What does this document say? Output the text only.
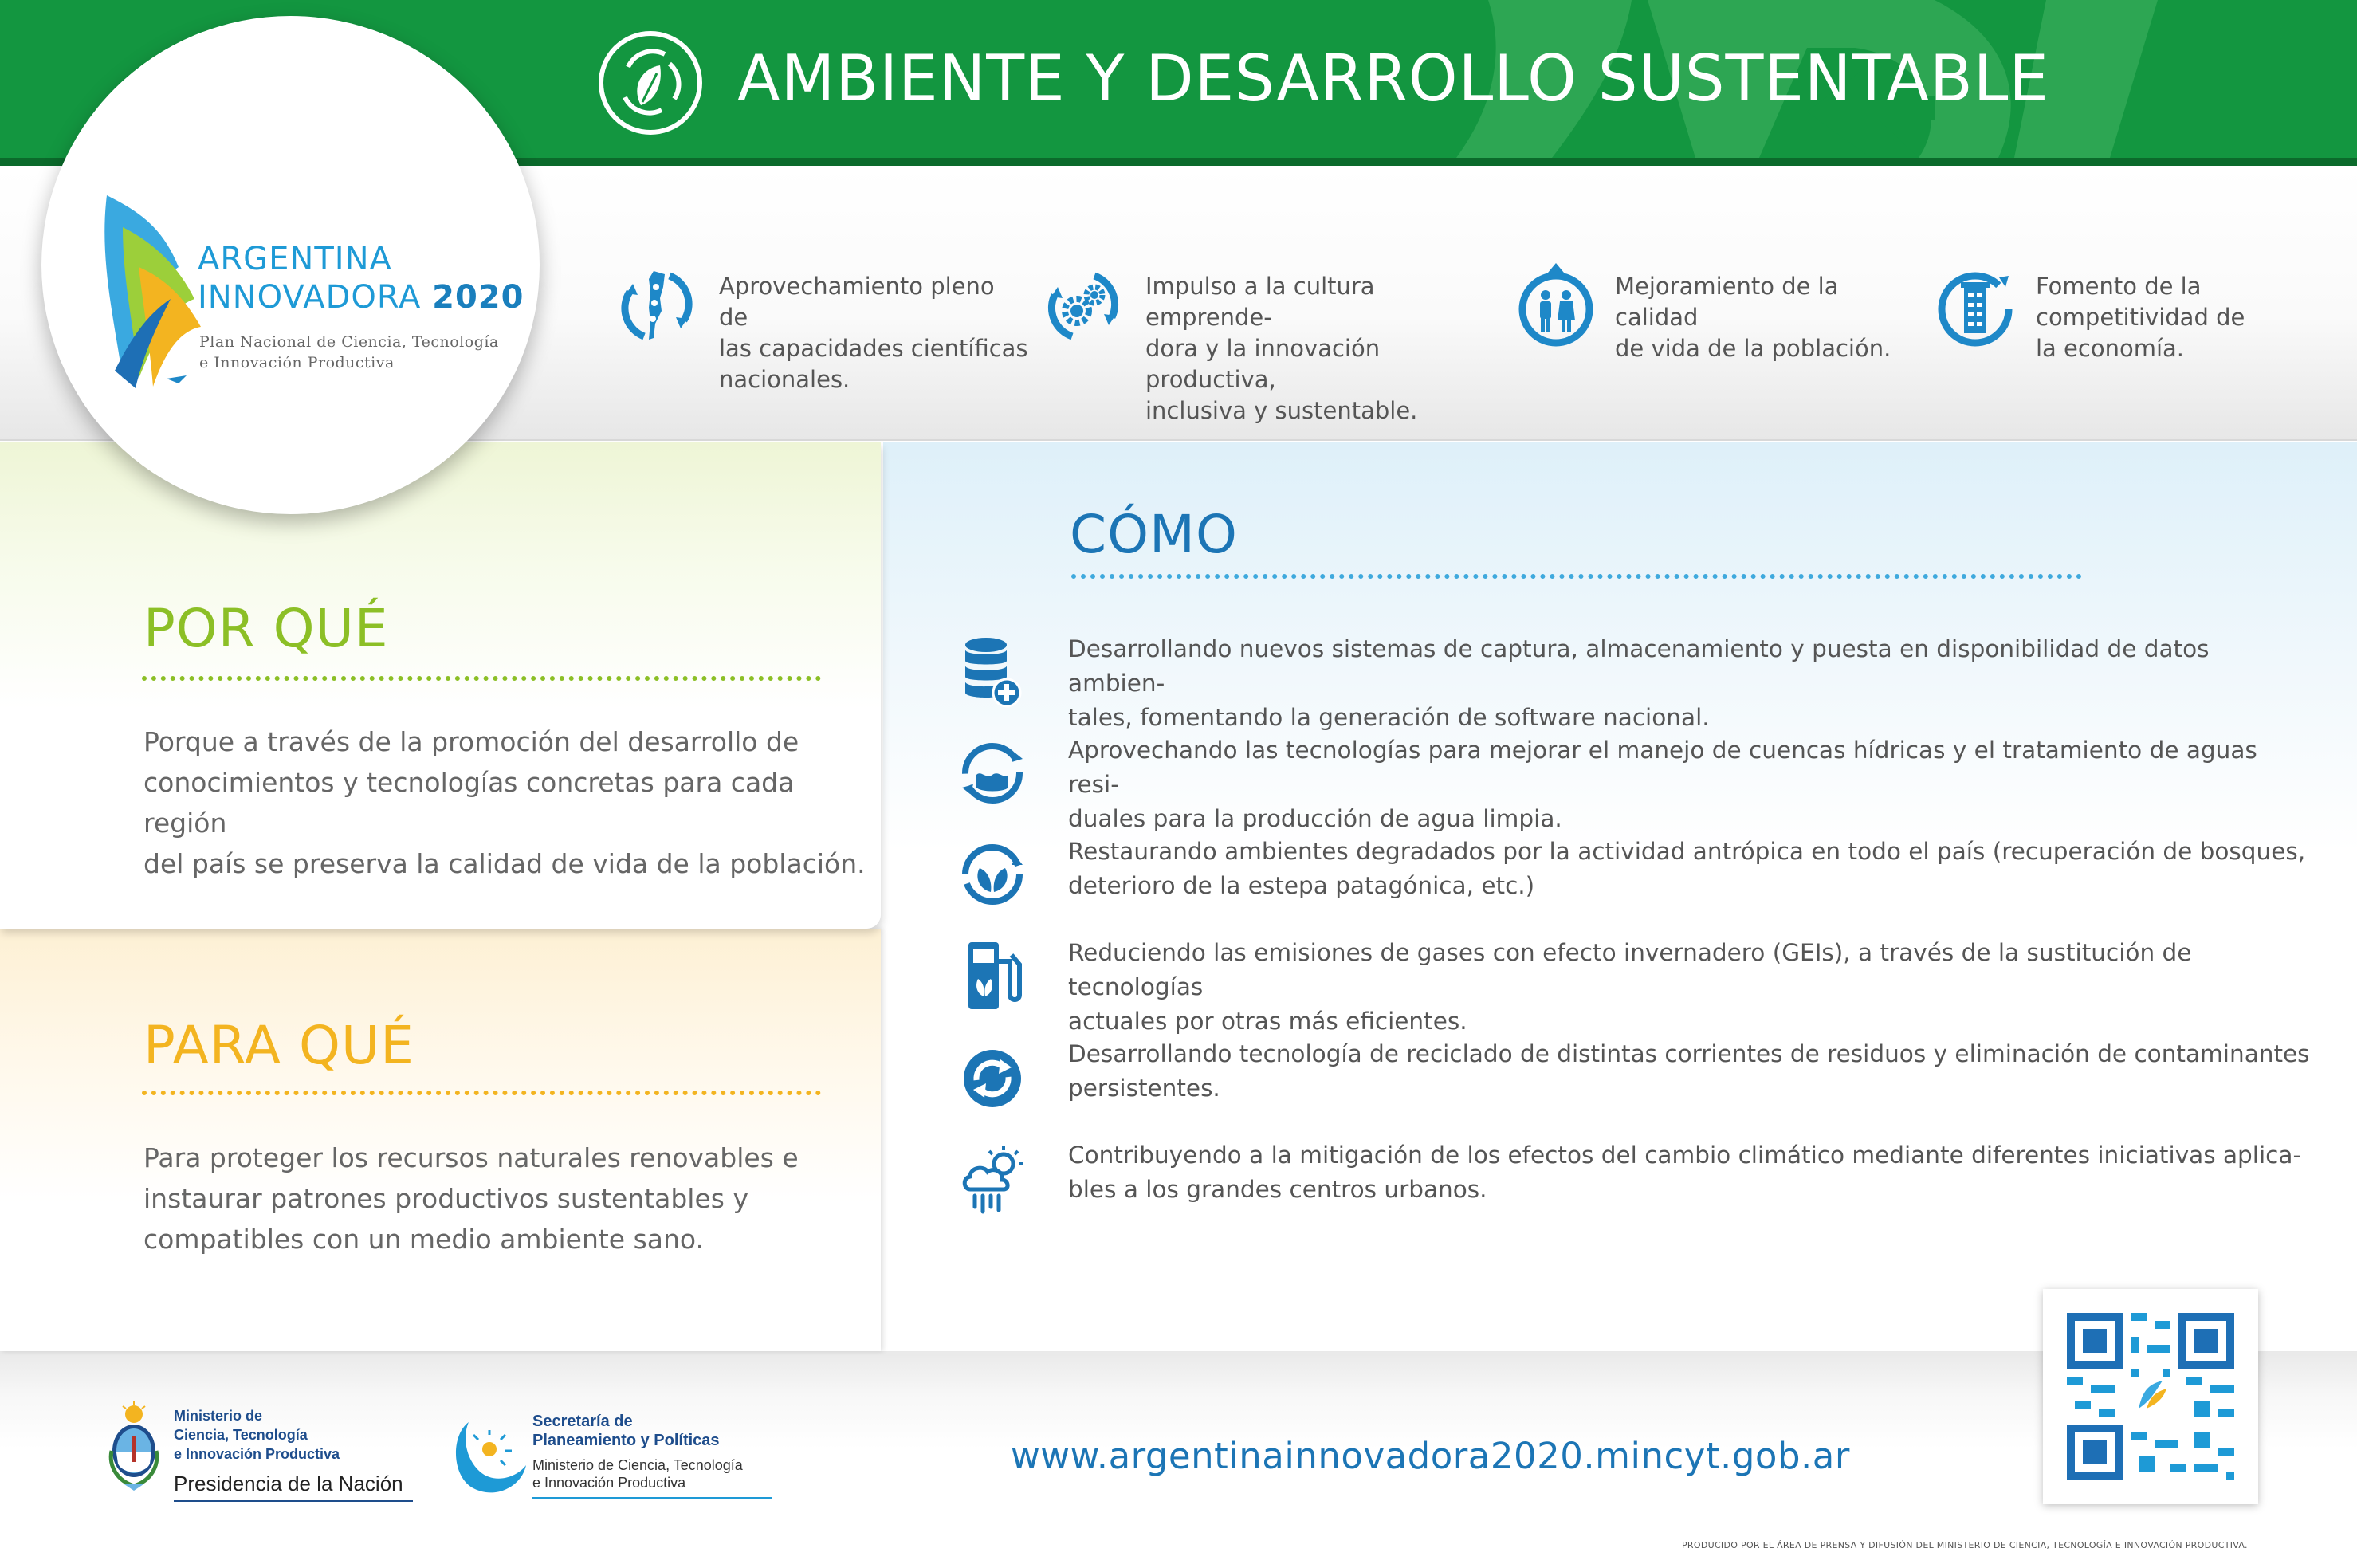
AMBIENTE Y DESARROLLO SUSTENTABLE
Aprovechamiento pleno de
las capacidades científicas
nacionales.
Impulso a la cultura emprende-
dora y la innovación productiva,
inclusiva y sustentable.
Mejoramiento de la calidad
de vida de la población.
Fomento de la
competitividad de
la economía.
ARGENTINA
INNOVADORA 2020
Plan Nacional de Ciencia, Tecnología
e Innovación Productiva
POR QUÉ
Porque a través de la promoción del desarrollo de
conocimientos y tecnologías concretas para cada región
del país se preserva la calidad de vida de la población.
PARA QUÉ
Para proteger los recursos naturales renovables e
instaurar patrones productivos sustentables y
compatibles con un medio ambiente sano.
CÓMO
Desarrollando nuevos sistemas de captura, almacenamiento y puesta en disponibilidad de datos ambien-
tales, fomentando la generación de software nacional.
Aprovechando las tecnologías para mejorar el manejo de cuencas hídricas y el tratamiento de aguas resi-
duales para la producción de agua limpia.
Restaurando ambientes degradados por la actividad antrópica en todo el país (recuperación de bosques,
deterioro de la estepa patagónica, etc.)
Reduciendo las emisiones de gases con efecto invernadero (GEIs), a través de la sustitución de tecnologías
actuales por otras más eficientes.
Desarrollando tecnología de reciclado de distintas corrientes de residuos y eliminación de contaminantes
persistentes.
Contribuyendo a la mitigación de los efectos del cambio climático mediante diferentes iniciativas aplica-
bles a los grandes centros urbanos.
Ministerio de
Ciencia, Tecnología
e Innovación Productiva
Presidencia de la Nación
Secretaría de
Planeamiento y Políticas
Ministerio de Ciencia, Tecnología
e Innovación Productiva
www.argentinainnovadora2020.mincyt.gob.ar
PRODUCIDO POR EL ÁREA DE PRENSA Y DIFUSIÓN DEL MINISTERIO DE CIENCIA, TECNOLOGÍA E INNOVACIÓN PRODUCTIVA.
